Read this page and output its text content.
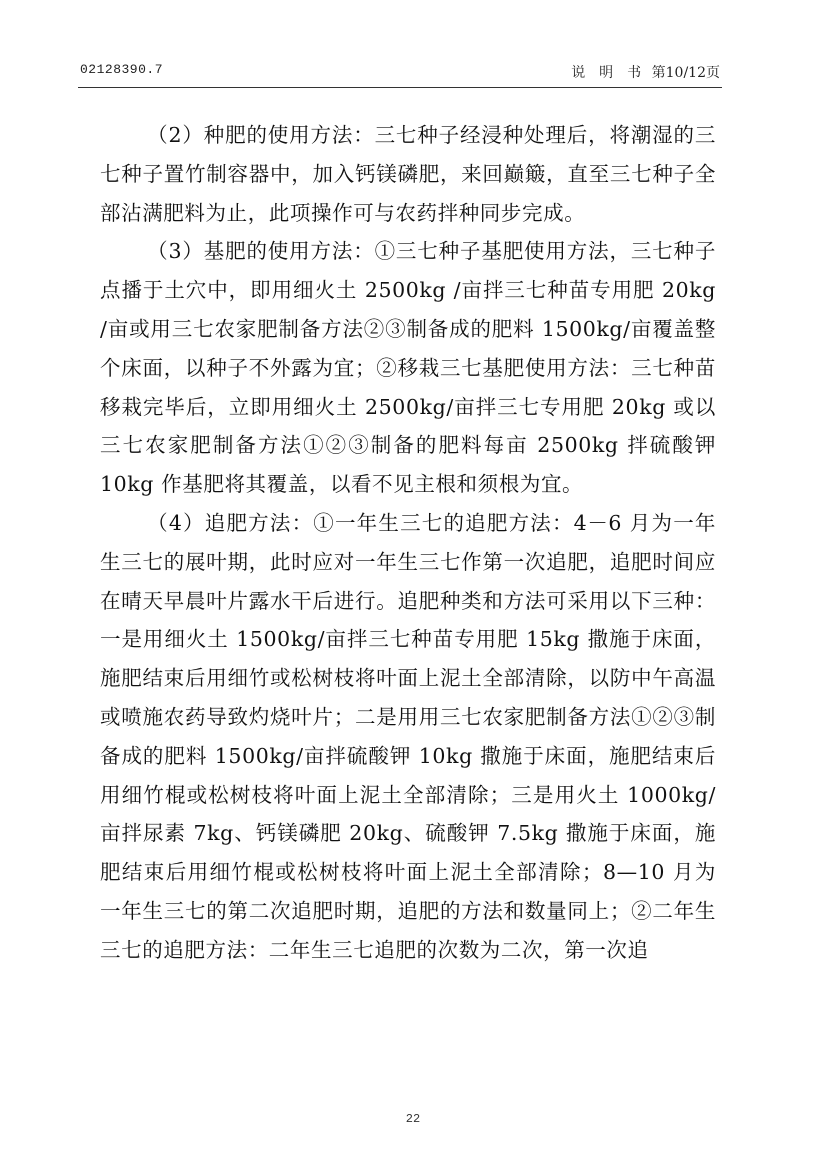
02128390.7	说　明　书 第10/12页

（2）种肥的使用方法：三七种子经浸种处理后，将潮湿的三七种子置竹制容器中，加入钙镁磷肥，来回巅簸，直至三七种子全部沾满肥料为止，此项操作可与农药拌种同步完成。

（3）基肥的使用方法：①三七种子基肥使用方法，三七种子点播于土穴中，即用细火土 2500kg /亩拌三七种苗专用肥 20kg /亩或用三七农家肥制备方法②③制备成的肥料 1500kg/亩覆盖整个床面，以种子不外露为宜；②移栽三七基肥使用方法：三七种苗移栽完毕后，立即用细火土 2500kg/亩拌三七专用肥 20kg 或以三七农家肥制备方法①②③制备的肥料每亩 2500kg 拌硫酸钾 10kg 作基肥将其覆盖，以看不见主根和须根为宜。

（4）追肥方法：①一年生三七的追肥方法：4－6 月为一年生三七的展叶期，此时应对一年生三七作第一次追肥，追肥时间应在晴天早晨叶片露水干后进行。追肥种类和方法可采用以下三种：一是用细火土 1500kg/亩拌三七种苗专用肥 15kg 撒施于床面，施肥结束后用细竹或松树枝将叶面上泥土全部清除，以防中午高温或喷施农药导致灼烧叶片；二是用用三七农家肥制备方法①②③制备成的肥料 1500kg/亩拌硫酸钾 10kg 撒施于床面，施肥结束后用细竹棍或松树枝将叶面上泥土全部清除；三是用火土 1000kg/亩拌尿素 7kg、钙镁磷肥 20kg、硫酸钾 7.5kg 撒施于床面，施肥结束后用细竹棍或松树枝将叶面上泥土全部清除；8—10 月为一年生三七的第二次追肥时期，追肥的方法和数量同上；②二年生三七的追肥方法：二年生三七追肥的次数为二次，第一次追

22
